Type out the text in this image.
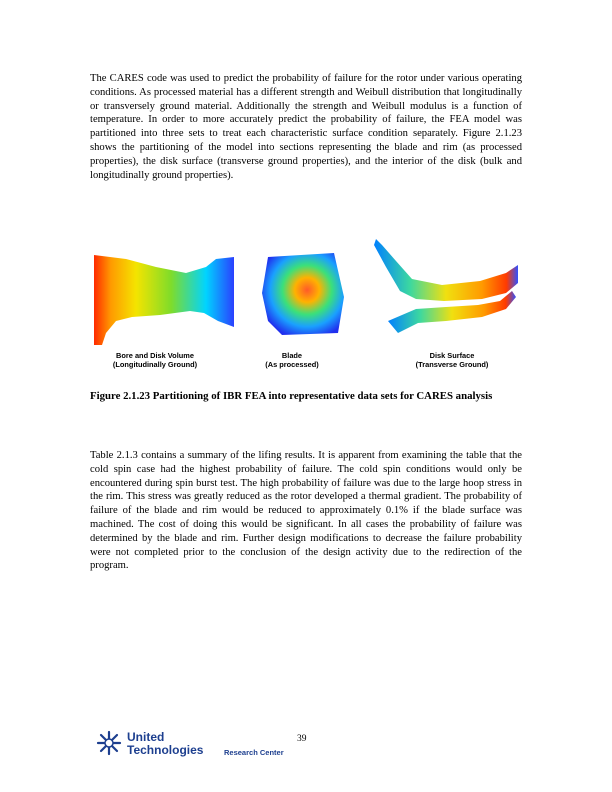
The CARES code was used to predict the probability of failure for the rotor under various operating conditions. As processed material has a different strength and Weibull distribution that longitudinally or transversely ground material. Additionally the strength and Weibull modulus is a function of temperature. In order to more accurately predict the probability of failure, the FEA model was partitioned into three sets to treat each characteristic surface condition separately. Figure 2.1.23 shows the partitioning of the model into sections representing the blade and rim (as processed properties), the disk surface (transverse ground properties), and the interior of the disk (bulk and longitudinally ground properties).

Bore and Disk Volume
(Longitudinally Ground)
Blade
(As processed)
Disk Surface
(Transverse Ground)

Figure 2.1.23 Partitioning of IBR FEA into representative data sets for CARES analysis

Table 2.1.3 contains a summary of the lifing results. It is apparent from examining the table that the cold spin case had the highest probability of failure. The cold spin conditions would only be encountered during spin burst test. The high probability of failure was due to the large hoop stress in the rim. This stress was greatly reduced as the rotor developed a thermal gradient. The probability of failure of the blade and rim would be reduced to approximately 0.1% if the blade surface was machined. The cost of doing this would be significant. In all cases the probability of failure was determined by the blade and rim. Further design modifications to decrease the failure probability were not completed prior to the conclusion of the design activity due to the redirection of the program.

United
Technologies	Research Center
39
